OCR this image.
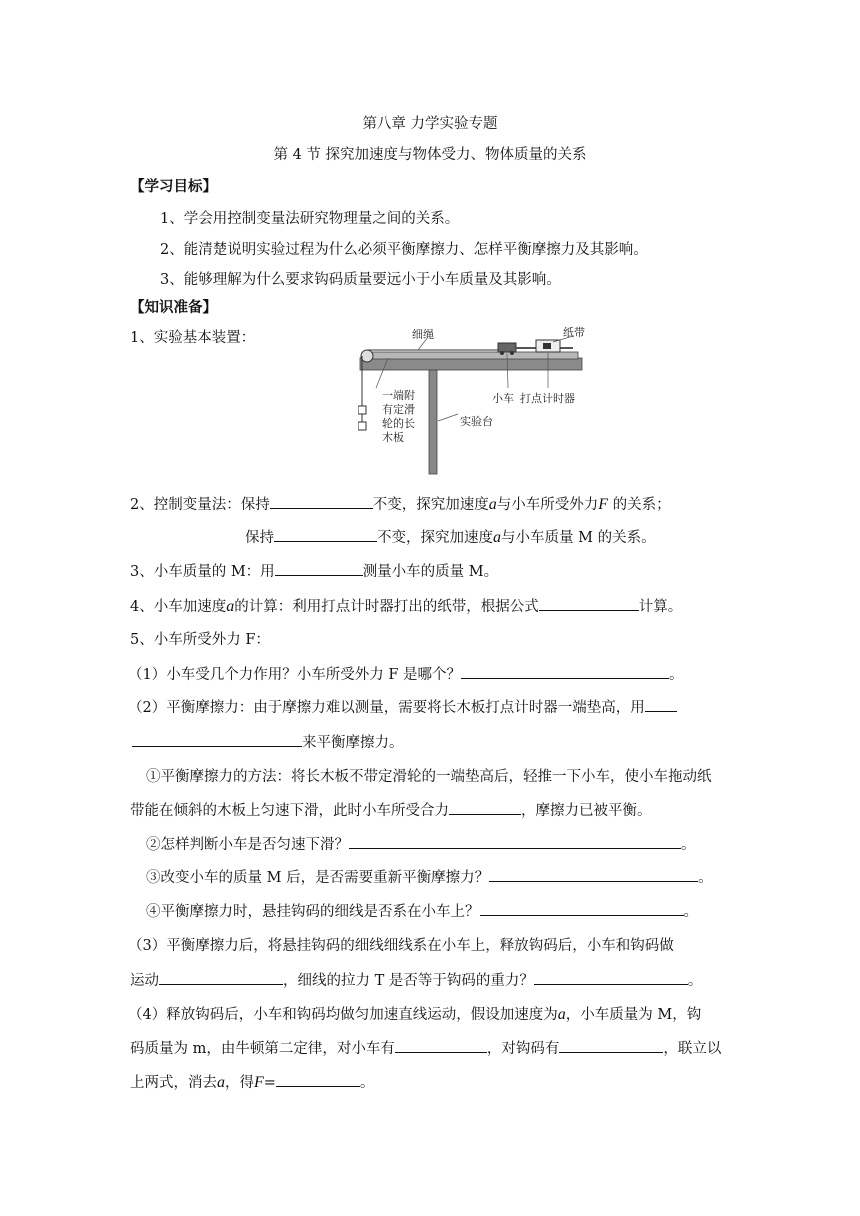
第八章 力学实验专题
第 4 节 探究加速度与物体受力、物体质量的关系
【学习目标】
1、学会用控制变量法研究物理量之间的关系。
2、能清楚说明实验过程为什么必须平衡摩擦力、怎样平衡摩擦力及其影响。
3、能够理解为什么要求钩码质量要远小于小车质量及其影响。
【知识准备】
1、实验基本装置：	细绳	纸带
小车 打点计时器
一端附
有定滑
轮的长
木板
实验台
2、控制变量法：保持	不变，探究加速度a与小车所受外力F 的关系；
保持	不变，探究加速度a与小车质量 M 的关系。
3、小车质量的 M：用	测量小车的质量 M。
4、小车加速度a的计算：利用打点计时器打出的纸带，根据公式	计算。
5、小车所受外力 F：
（1）小车受几个力作用？小车所受外力 F 是哪个？	。
（2）平衡摩擦力：由于摩擦力难以测量，需要将长木板打点计时器一端垫高，用
来平衡摩擦力。
①平衡摩擦力的方法：将长木板不带定滑轮的一端垫高后，轻推一下小车，使小车拖动纸
带能在倾斜的木板上匀速下滑，此时小车所受合力	，摩擦力已被平衡。
②怎样判断小车是否匀速下滑？	。
③改变小车的质量 M 后，是否需要重新平衡摩擦力？	。
④平衡摩擦力时，悬挂钩码的细线是否系在小车上？	。
（3）平衡摩擦力后，将悬挂钩码的细线细线系在小车上，释放钩码后，小车和钩码做
运动	，细线的拉力 T 是否等于钩码的重力？	。
（4）释放钩码后，小车和钩码均做匀加速直线运动，假设加速度为a，小车质量为 M，钩
码质量为 m，由牛顿第二定律，对小车有	，对钩码有	，联立以
上两式，消去a，得F=	。
